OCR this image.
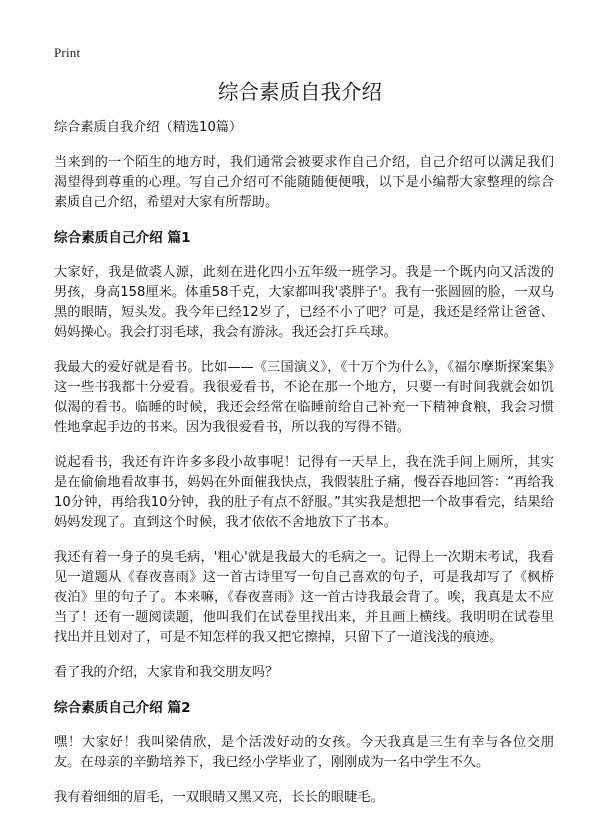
Print
综合素质自我介绍

综合素质自我介绍（精选10篇）

当来到的一个陌生的地方时，我们通常会被要求作自己介绍，自己介绍可以满足我们渴望得到尊重的心理。写自己介绍可不能随随便便哦，以下是小编帮大家整理的综合素质自己介绍，希望对大家有所帮助。

综合素质自己介绍 篇1

大家好，我是做裘人源，此刻在进化四小五年级一班学习。我是一个既内向又活泼的男孩，身高158厘米。体重58千克，大家都叫我'裘胖子'。我有一张圆圆的脸，一双乌黑的眼睛，短头发。我今年已经12岁了，已经不小了吧？可是，我还是经常让爸爸、妈妈操心。我会打羽毛球，我会有游泳。我还会打乒乓球。

我最大的爱好就是看书。比如——《三国演义》，《十万个为什么》，《福尔摩斯探案集》这一些书我都十分爱看。我很爱看书，不论在那一个地方，只要一有时间我就会如饥似渴的看书。临睡的时候，我还会经常在临睡前给自己补充一下精神食粮，我会习惯性地拿起手边的书来。因为我很爱看书，所以我的写得不错。

说起看书，我还有许许多多段小故事呢！记得有一天早上，我在洗手间上厕所，其实是在偷偷地看故事书，妈妈在外面催我快点，我假装肚子痛，慢吞吞地回答：“再给我10分钟，再给我10分钟，我的肚子有点不舒服。”其实我是想把一个故事看完，结果给妈妈发现了。直到这个时候，我才依依不舍地放下了书本。

我还有着一身子的臭毛病，'粗心'就是我最大的毛病之一。记得上一次期末考试，我看见一道题从《春夜喜雨》这一首古诗里写一句自己喜欢的句子，可是我却写了《枫桥夜泊》里的句子了。本来嘛，《春夜喜雨》这一首古诗我最会背了。唉，我真是太不应当了！还有一题阅读题，他叫我们在试卷里找出来，并且画上横线。我明明在试卷里找出并且划对了，可是不知怎样的我又把它擦掉，只留下了一道浅浅的痕迹。

看了我的介绍，大家肯和我交朋友吗？

综合素质自己介绍 篇2

嘿！大家好！我叫梁倩欣，是个活泼好动的女孩。今天我真是三生有幸与各位交朋友。在母亲的辛勤培养下，我已经小学毕业了，刚刚成为一名中学生不久。

我有着细细的眉毛，一双眼睛又黑又亮，长长的眼睫毛。
